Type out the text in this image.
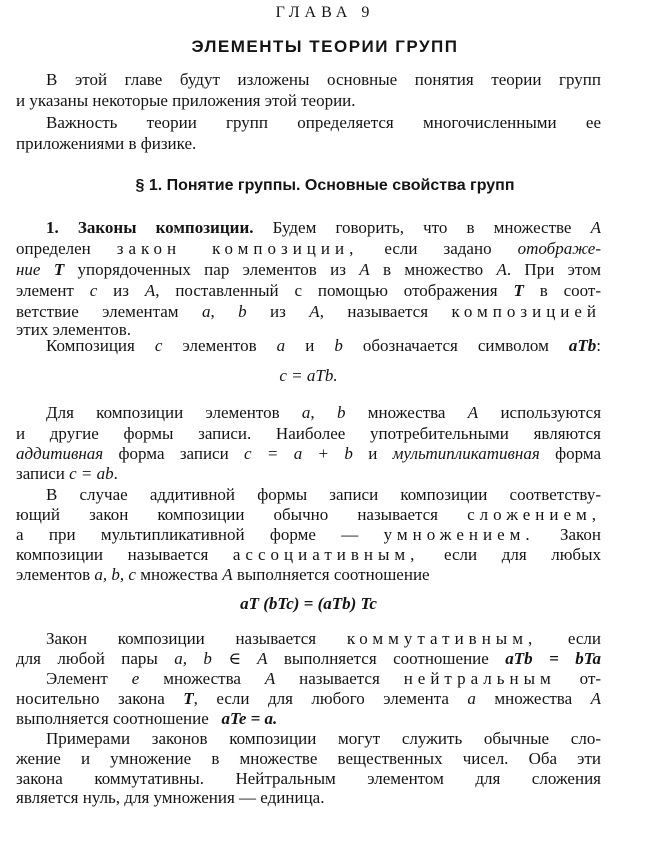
ГЛАВА 9
ЭЛЕМЕНТЫ ТЕОРИИ ГРУПП
В этой главе будут изложены основные понятия теории групп
и указаны некоторые приложения этой теории.
Важность теории групп определяется многочисленными ее
приложениями в физике.
§ 1. Понятие группы. Основные свойства групп
1. Законы композиции. Будем говорить, что в множестве A
определен закон композиции, если задано отображе-
ние T упорядоченных пар элементов из A в множество A. При этом
элемент c из A, поставленный с помощью отображения T в соот-
ветствие элементам a, b из A, называется композицией
этих элементов.
Композиция c элементов a и b обозначается символом aTb:
c = aTb.
Для композиции элементов a, b множества A используются
и другие формы записи. Наиболее употребительными являются
аддитивная форма записи c = a + b и мультипликативная форма
записи c = ab.
В случае аддитивной формы записи композиции соответству-
ющий закон композиции обычно называется сложением,
а при мультипликативной форме — умножением. Закон
композиции называется ассоциативным, если для любых
элементов a, b, c множества A выполняется соотношение
aT (bTc) = (aTb) Tc
Закон композиции называется коммутативным, если
для любой пары a, b ∈ A выполняется соотношение aTb = bTa
Элемент e множества A называется нейтральным от-
носительно закона T, если для любого элемента a множества A
выполняется соотношение aTe = a.
Примерами законов композиции могут служить обычные сло-
жение и умножение в множестве вещественных чисел. Оба эти
закона коммутативны. Нейтральным элементом для сложения
является нуль, для умножения — единица.
